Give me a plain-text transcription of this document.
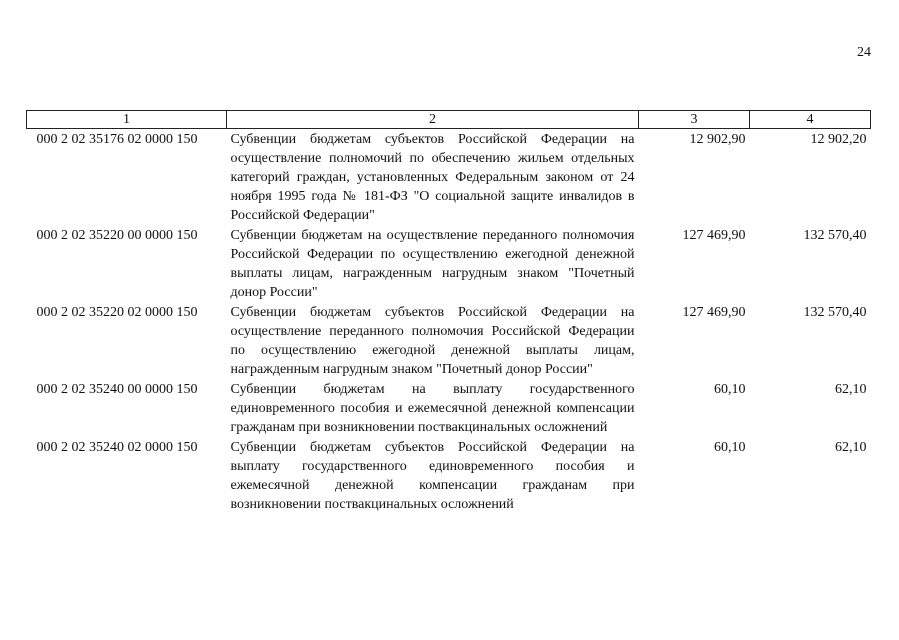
24
1	2	3	4
000 2 02 35176 02 0000 150	Субвенции бюджетам субъектов Российской Федерации на осуществление полномочий по обеспечению жильем отдельных категорий граждан, установленных Федеральным законом от 24 ноября 1995 года № 181-ФЗ "О социальной защите инвалидов в Российской Федерации"	12 902,90	12 902,20
000 2 02 35220 00 0000 150	Субвенции бюджетам на осуществление переданного полномочия Российской Федерации по осуществлению ежегодной денежной выплаты лицам, награжденным нагрудным знаком "Почетный донор России"	127 469,90	132 570,40
000 2 02 35220 02 0000 150	Субвенции бюджетам субъектов Российской Федерации на осуществление переданного полномочия Российской Федерации по осуществлению ежегодной денежной выплаты лицам, награжденным нагрудным знаком "Почетный донор России"	127 469,90	132 570,40
000 2 02 35240 00 0000 150	Субвенции бюджетам на выплату государственного единовременного пособия и ежемесячной денежной компенсации гражданам при возникновении поствакцинальных осложнений	60,10	62,10
000 2 02 35240 02 0000 150	Субвенции бюджетам субъектов Российской Федерации на выплату государственного единовременного пособия и ежемесячной денежной компенсации гражданам при возникновении поствакцинальных осложнений	60,10	62,10
